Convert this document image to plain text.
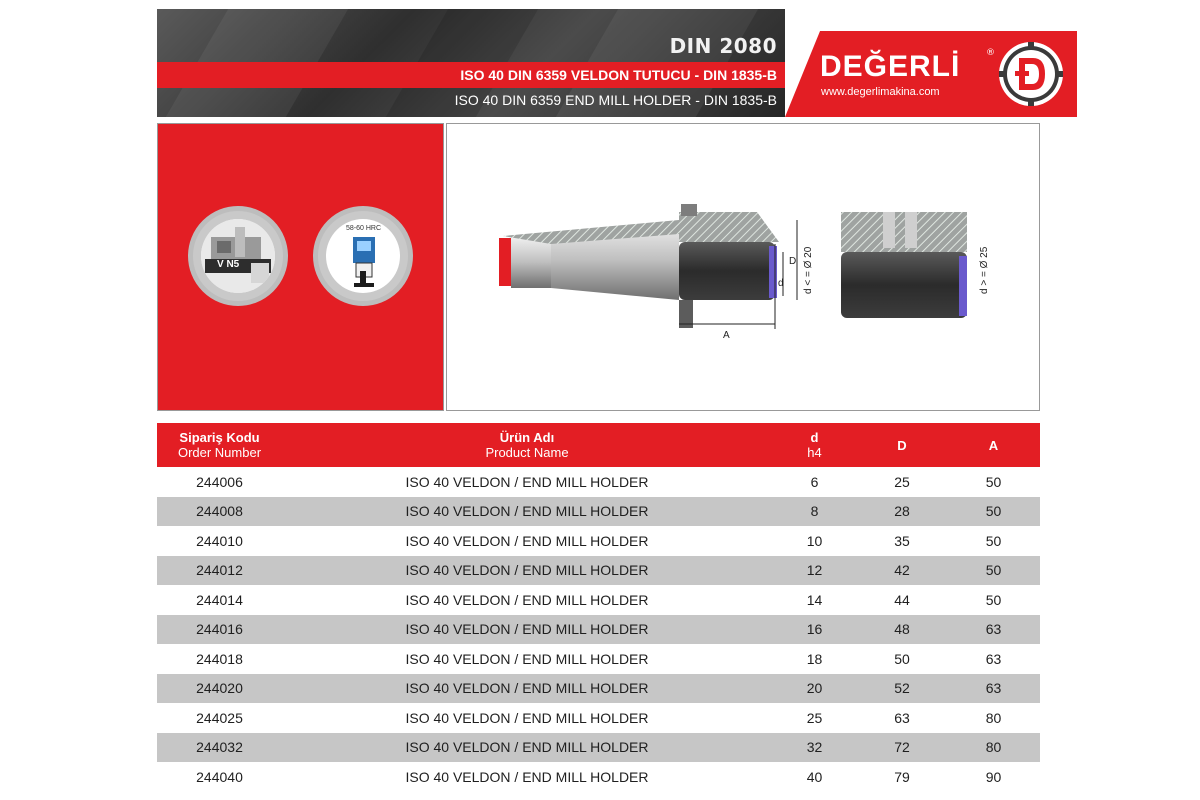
DIN 2080
ISO 40 DIN 6359 VELDON TUTUCU - DIN 1835-B
ISO 40 DIN 6359 END MILL HOLDER - DIN 1835-B
DEĞERLİ	®
www.degerlimakina.com
V N5
58-60 HRC
A
d
D d < = Ø 20	d > = Ø 25
Sipariş Kodu
Order Number
Ürün Adı
Product Name
d
h4	D	A
244006	ISO 40 VELDON / END MILL HOLDER	6	25	50
244008	ISO 40 VELDON / END MILL HOLDER	8	28	50
244010	ISO 40 VELDON / END MILL HOLDER	10	35	50
244012	ISO 40 VELDON / END MILL HOLDER	12	42	50
244014	ISO 40 VELDON / END MILL HOLDER	14	44	50
244016	ISO 40 VELDON / END MILL HOLDER	16	48	63
244018	ISO 40 VELDON / END MILL HOLDER	18	50	63
244020	ISO 40 VELDON / END MILL HOLDER	20	52	63
244025	ISO 40 VELDON / END MILL HOLDER	25	63	80
244032	ISO 40 VELDON / END MILL HOLDER	32	72	80
244040	ISO 40 VELDON / END MILL HOLDER	40	79	90
